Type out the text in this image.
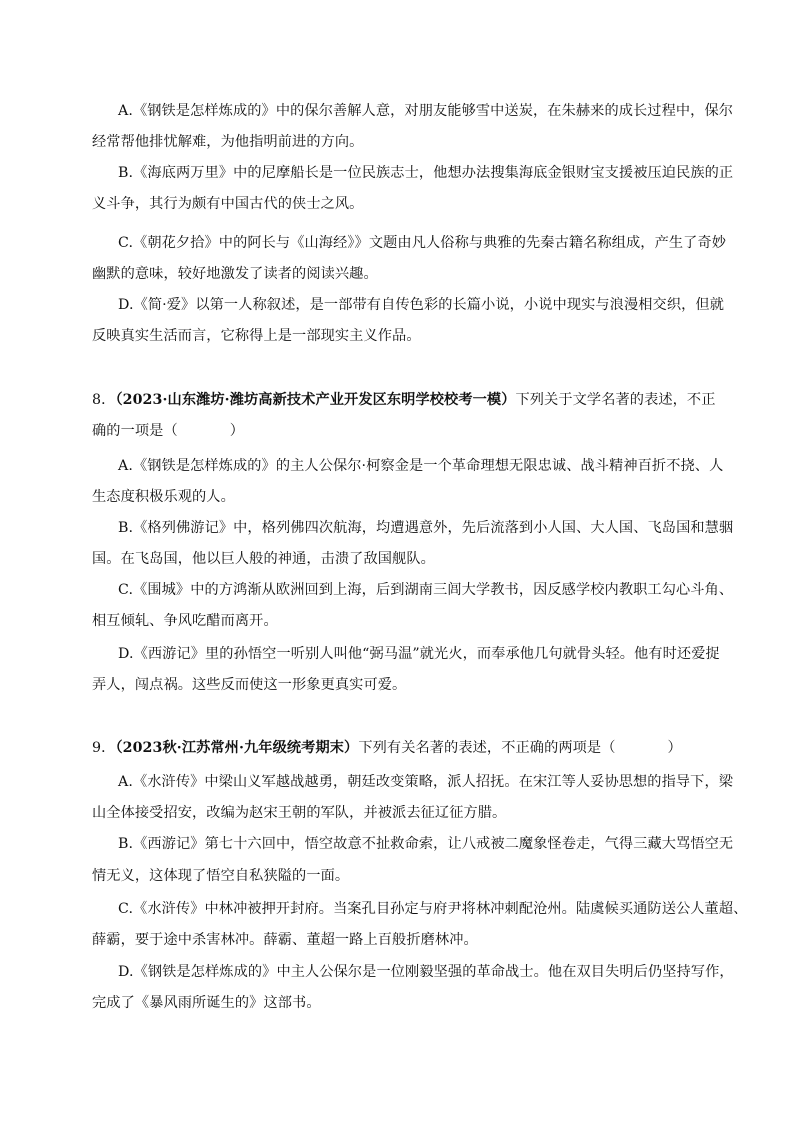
A.《钢铁是怎样炼成的》中的保尔善解人意，对朋友能够雪中送炭，在朱赫来的成长过程中，保尔
经常帮他排忧解难，为他指明前进的方向。
B.《海底两万里》中的尼摩船长是一位民族志士，他想办法搜集海底金银财宝支援被压迫民族的正
义斗争，其行为颇有中国古代的侠士之风。
C.《朝花夕拾》中的阿长与《山海经》》文题由凡人俗称与典雅的先秦古籍名称组成，产生了奇妙
幽默的意味，较好地激发了读者的阅读兴趣。
D.《简·爱》以第一人称叙述，是一部带有自传色彩的长篇小说，小说中现实与浪漫相交织，但就
反映真实生活而言，它称得上是一部现实主义作品。
8．（2023·山东潍坊·潍坊高新技术产业开发区东明学校校考一模）下列关于文学名著的表述，不正
确的一项是（	）
A.《钢铁是怎样炼成的》的主人公保尔·柯察金是一个革命理想无限忠诚、战斗精神百折不挠、人
生态度积极乐观的人。
B.《格列佛游记》中，格列佛四次航海，均遭遇意外，先后流落到小人国、大人国、飞岛国和慧骃
国。在飞岛国，他以巨人般的神通，击溃了敌国舰队。
C.《围城》中的方鸿渐从欧洲回到上海，后到湖南三闾大学教书，因反感学校内教职工勾心斗角、
相互倾轧、争风吃醋而离开。
D.《西游记》里的孙悟空一听别人叫他“弼马温”就光火，而奉承他几句就骨头轻。他有时还爱捉
弄人，闯点祸。这些反而使这一形象更真实可爱。
9．（2023秋·江苏常州·九年级统考期末）下列有关名著的表述，不正确的两项是（	）
A.《水浒传》中梁山义军越战越勇，朝廷改变策略，派人招抚。在宋江等人妥协思想的指导下，梁
山全体接受招安，改编为赵宋王朝的军队，并被派去征辽征方腊。
B.《西游记》第七十六回中，悟空故意不扯救命索，让八戒被二魔象怪卷走，气得三藏大骂悟空无
情无义，这体现了悟空自私狭隘的一面。
C.《水浒传》中林冲被押开封府。当案孔目孙定与府尹将林冲刺配沧州。陆虞候买通防送公人董超、
薛霸，要于途中杀害林冲。薛霸、董超一路上百般折磨林冲。
D.《钢铁是怎样炼成的》中主人公保尔是一位刚毅坚强的革命战士。他在双目失明后仍坚持写作，
完成了《暴风雨所诞生的》这部书。
